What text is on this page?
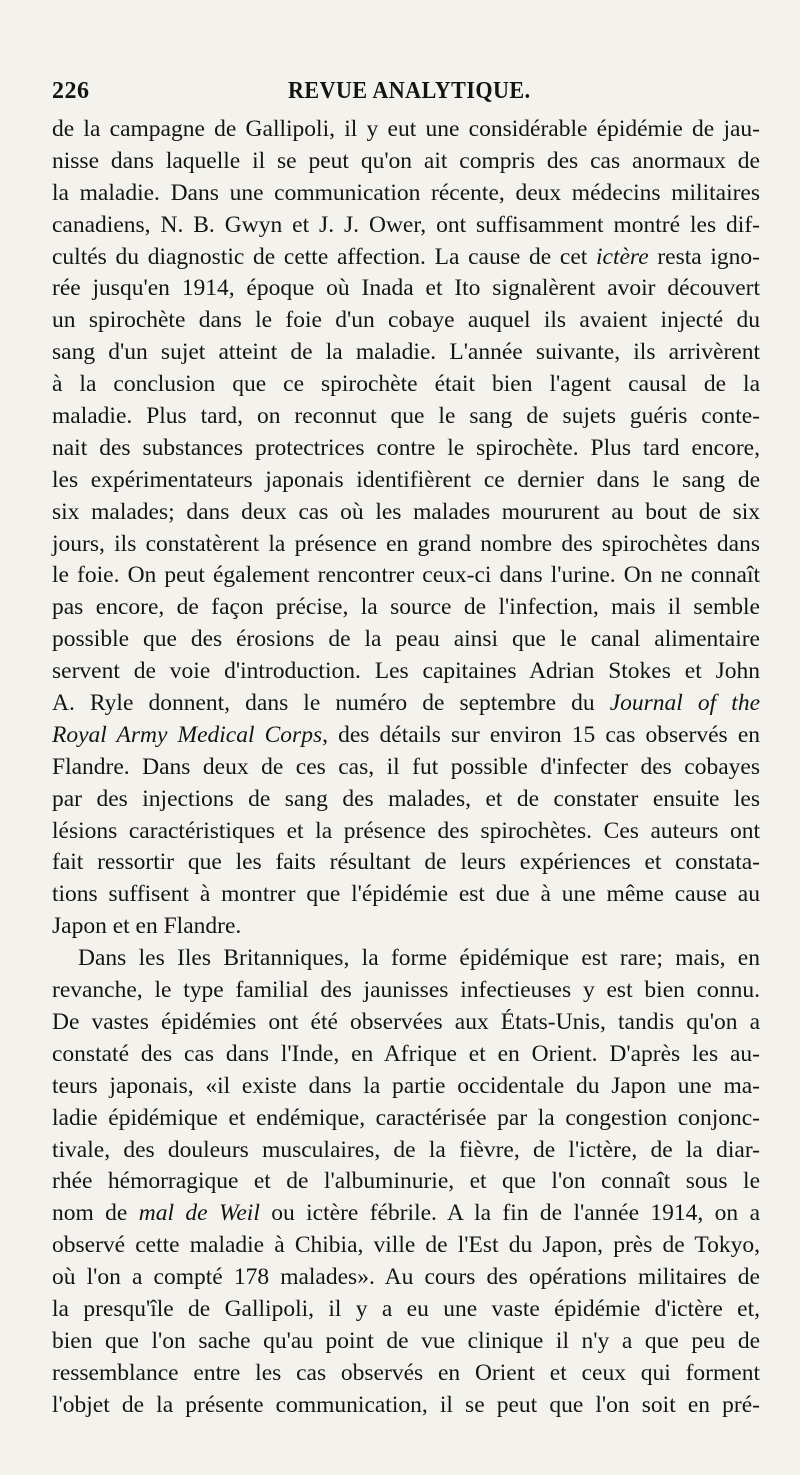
226	REVUE ANALYTIQUE.
de la campagne de Gallipoli, il y eut une considérable épidémie de jau-
nisse dans laquelle il se peut qu'on ait compris des cas anormaux de
la maladie. Dans une communication récente, deux médecins militaires
canadiens, N. B. Gwyn et J. J. Ower, ont suffisamment montré les dif-
cultés du diagnostic de cette affection. La cause de cet ictère resta igno-
rée jusqu'en 1914, époque où Inada et Ito signalèrent avoir découvert
un spirochète dans le foie d'un cobaye auquel ils avaient injecté du
sang d'un sujet atteint de la maladie. L'année suivante, ils arrivèrent
à la conclusion que ce spirochète était bien l'agent causal de la
maladie. Plus tard, on reconnut que le sang de sujets guéris conte-
nait des substances protectrices contre le spirochète. Plus tard encore,
les expérimentateurs japonais identifièrent ce dernier dans le sang de
six malades; dans deux cas où les malades moururent au bout de six
jours, ils constatèrent la présence en grand nombre des spirochètes dans
le foie. On peut également rencontrer ceux-ci dans l'urine. On ne connaît
pas encore, de façon précise, la source de l'infection, mais il semble
possible que des érosions de la peau ainsi que le canal alimentaire
servent de voie d'introduction. Les capitaines Adrian Stokes et John
A. Ryle donnent, dans le numéro de septembre du Journal of the
Royal Army Medical Corps, des détails sur environ 15 cas observés en
Flandre. Dans deux de ces cas, il fut possible d'infecter des cobayes
par des injections de sang des malades, et de constater ensuite les
lésions caractéristiques et la présence des spirochètes. Ces auteurs ont
fait ressortir que les faits résultant de leurs expériences et constata-
tions suffisent à montrer que l'épidémie est due à une même cause au
Japon et en Flandre.
Dans les Iles Britanniques, la forme épidémique est rare; mais, en
revanche, le type familial des jaunisses infectieuses y est bien connu.
De vastes épidémies ont été observées aux États-Unis, tandis qu'on a
constaté des cas dans l'Inde, en Afrique et en Orient. D'après les au-
teurs japonais, «il existe dans la partie occidentale du Japon une ma-
ladie épidémique et endémique, caractérisée par la congestion conjonc-
tivale, des douleurs musculaires, de la fièvre, de l'ictère, de la diar-
rhée hémorragique et de l'albuminurie, et que l'on connaît sous le
nom de mal de Weil ou ictère fébrile. A la fin de l'année 1914, on a
observé cette maladie à Chibia, ville de l'Est du Japon, près de Tokyo,
où l'on a compté 178 malades». Au cours des opérations militaires de
la presqu'île de Gallipoli, il y a eu une vaste épidémie d'ictère et,
bien que l'on sache qu'au point de vue clinique il n'y a que peu de
ressemblance entre les cas observés en Orient et ceux qui forment
l'objet de la présente communication, il se peut que l'on soit en pré-
